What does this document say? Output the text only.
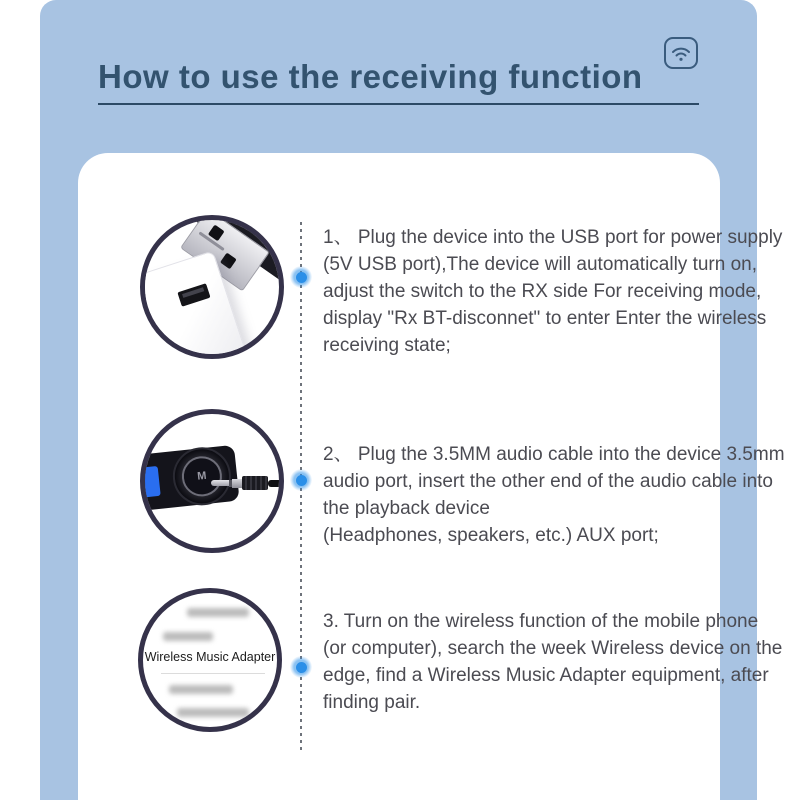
How to use the receiving function
M
Wireless Music Adapter
1、 Plug the device into the USB port for power supply
(5V USB port),The device will automatically turn on,
adjust the switch to the RX side For receiving mode,
display "Rx BT-disconnet" to enter Enter the wireless
receiving state;
2、 Plug the 3.5MM audio cable into the device 3.5mm
audio port, insert the other end of the audio cable into
the playback device
(Headphones, speakers, etc.) AUX port;
3. Turn on the wireless function of the mobile phone
(or computer), search the week Wireless device on the
edge, find a Wireless Music Adapter equipment, after
finding pair.
